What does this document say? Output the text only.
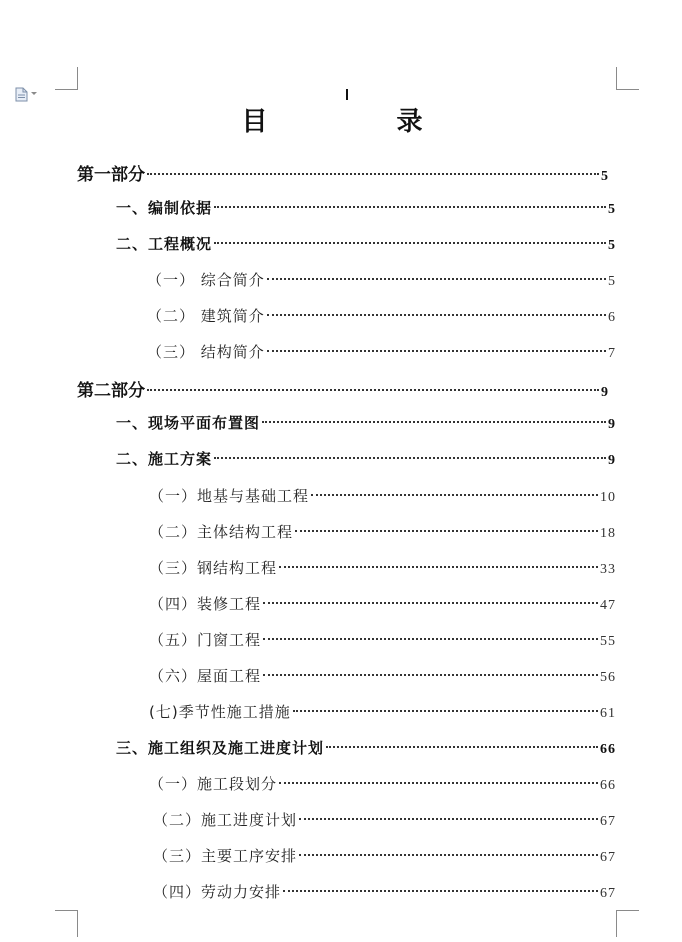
目 录
第一部分	5
一、编制依据	5
二、工程概况	5
（一） 综合简介	5
（二） 建筑简介	6
（三） 结构简介	7
第二部分	9
一、现场平面布置图	9
二、施工方案	9
（一）地基与基础工程	10
（二）主体结构工程	18
（三）钢结构工程	33
（四）装修工程	47
（五）门窗工程	55
（六）屋面工程	56
(七)季节性施工措施	61
三、施工组织及施工进度计划	66
（一）施工段划分	66
（二）施工进度计划	67
（三）主要工序安排	67
（四）劳动力安排	67
